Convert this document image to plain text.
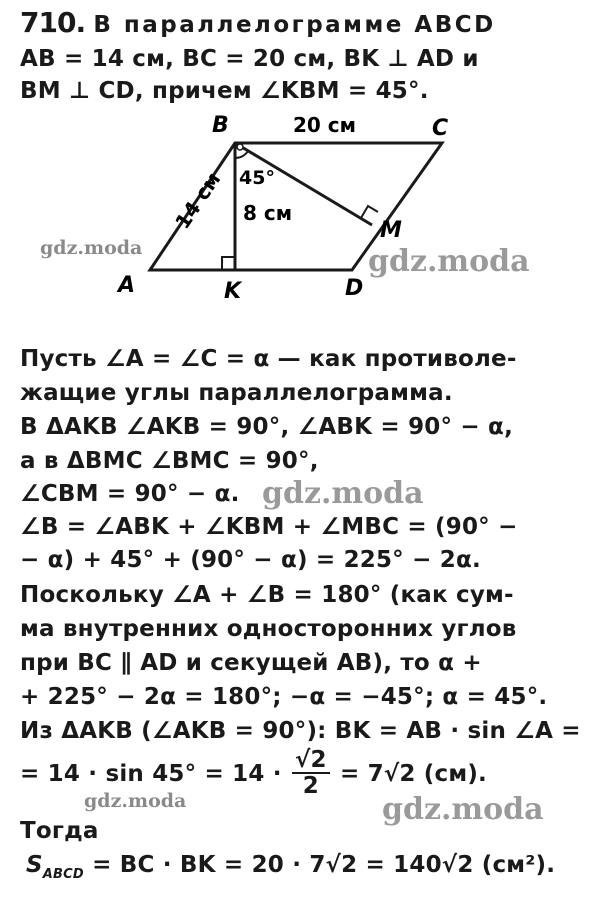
710. В параллелограмме ABCD
AB = 14 см, BC = 20 см, BK ⊥ AD и
BM ⊥ CD, причем ∠KBM = 45°.
A
B	C
D
K
M
20 см
14 см 8 см
45°
Пусть ∠A = ∠C = α — как противоле-
жащие углы параллелограмма.
В ΔAKB ∠AKB = 90°, ∠ABK = 90° − α,
а в ΔBMC ∠BMC = 90°,
∠CBM = 90° − α.
∠B = ∠ABK + ∠KBM + ∠MBC = (90° −
− α) + 45° + (90° − α) = 225° − 2α.
Поскольку ∠A + ∠B = 180° (как сум-
ма внутренних односторонних углов
при BC ∥ AD и секущей AB), то α +
+ 225° − 2α = 180°; −α = −45°; α = 45°.
Из ΔAKB (∠AKB = 90°): BK = AB · sin ∠A =
= $14 \cdot \sin 45^\circ = 14 \cdot \frac{√2}{2} = 7√2$ (см).
Тогда
$S_{ABCD}$ = BC · BK = 20 · 7√2 = 140√2 (см²).
gdz.moda	gdz.moda
gdz.moda
gdz.moda	gdz.moda
